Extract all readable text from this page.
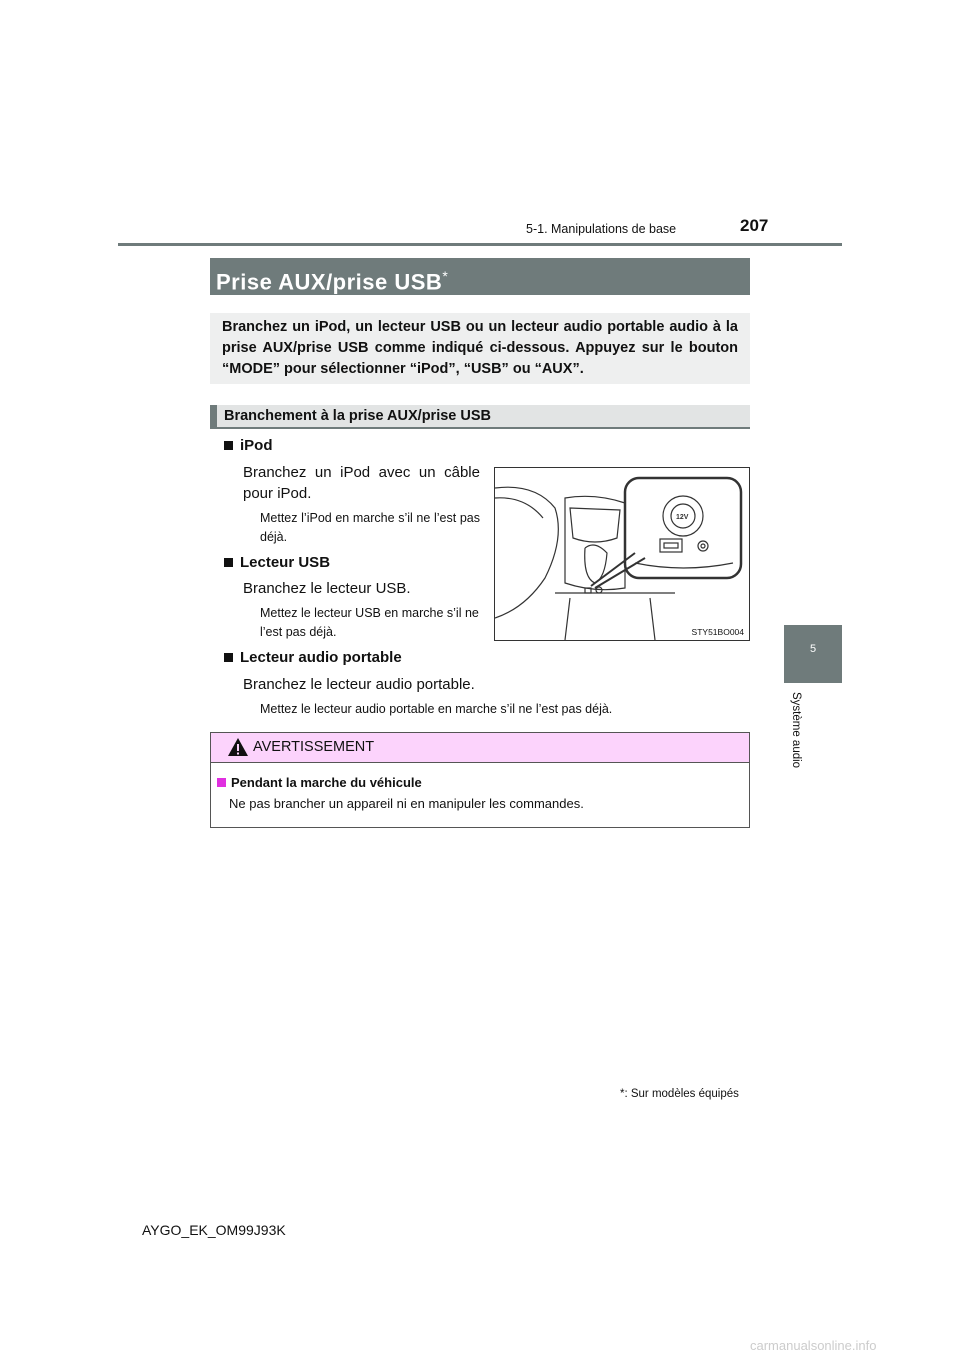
5-1. Manipulations de base	207
5
Système audio
Prise AUX/prise USB*
Branchez un iPod, un lecteur USB ou un lecteur audio portable audio à la prise AUX/prise USB comme indiqué ci-dessous. Appuyez sur le bouton “MODE” pour sélectionner “iPod”, “USB” ou “AUX”.
Branchement à la prise AUX/prise USB
iPod
Branchez un iPod avec un câble pour iPod.
Mettez l’iPod en marche s’il ne l’est pas déjà.
Lecteur USB
Branchez le lecteur USB.
Mettez le lecteur USB en marche s’il ne l’est pas déjà.
Lecteur audio portable
Branchez le lecteur audio portable.
Mettez le lecteur audio portable en marche s’il ne l’est pas déjà.
12V
STY51BO004
AVERTISSEMENT
Pendant la marche du véhicule
Ne pas brancher un appareil ni en manipuler les commandes.
*: Sur modèles équipés
AYGO_EK_OM99J93K
carmanualsonline.info
